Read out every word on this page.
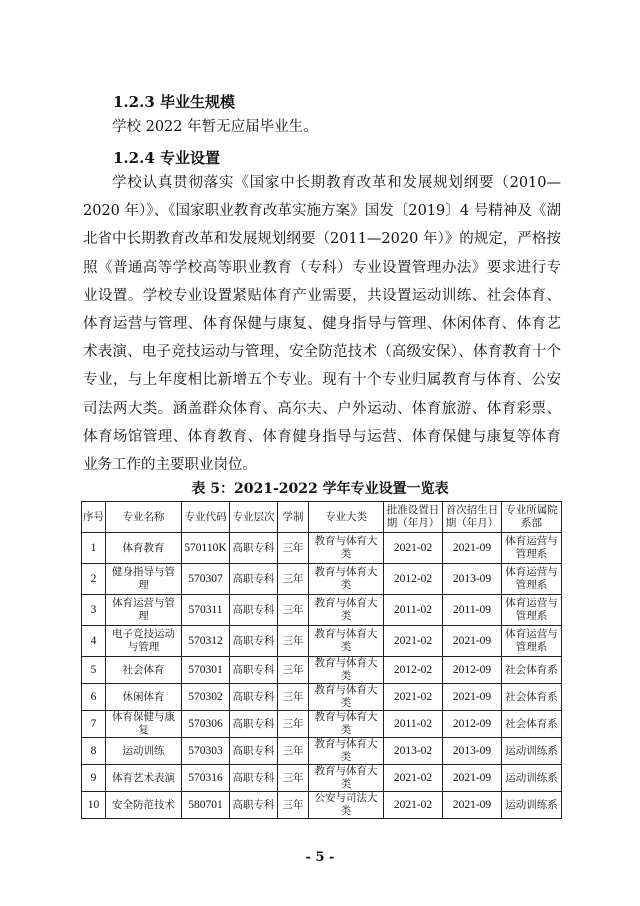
1.2.3 毕业生规模

学校 2022 年暂无应届毕业生。

1.2.4 专业设置

学校认真贯彻落实《国家中长期教育改革和发展规划纲要（2010—2020 年）》、《国家职业教育改革实施方案》国发〔2019〕4 号精神及《湖北省中长期教育改革和发展规划纲要（2011—2020 年）》的规定，严格按照《普通高等学校高等职业教育（专科）专业设置管理办法》要求进行专业设置。学校专业设置紧贴体育产业需要，共设置运动训练、社会体育、体育运营与管理、体育保健与康复、健身指导与管理、休闲体育、体育艺术表演、电子竞技运动与管理、安全防范技术（高级安保）、体育教育十个专业，与上年度相比新增五个专业。现有十个专业归属教育与体育、公安司法两大类。涵盖群众体育、高尔夫、户外运动、体育旅游、体育彩票、体育场馆管理、体育教育、体育健身指导与运营、体育保健与康复等体育业务工作的主要职业岗位。

表 5：2021-2022 学年专业设置一览表
序号	专业名称	专业代码	专业层次	学制	专业大类	批准设置日期（年月）	首次招生日期（年月）	专业所属院系部
1	体育教育	570110K	高职专科	三年	教育与体育大类	2021-02	2021-09	体育运营与管理系
2	健身指导与管理	570307	高职专科	三年	教育与体育大类	2012-02	2013-09	体育运营与管理系
3	体育运营与管理	570311	高职专科	三年	教育与体育大类	2011-02	2011-09	体育运营与管理系
4	电子竞技运动与管理	570312	高职专科	三年	教育与体育大类	2021-02	2021-09	体育运营与管理系
5	社会体育	570301	高职专科	三年	教育与体育大类	2012-02	2012-09	社会体育系
6	休闲体育	570302	高职专科	三年	教育与体育大类	2021-02	2021-09	社会体育系
7	体育保健与康复	570306	高职专科	三年	教育与体育大类	2011-02	2012-09	社会体育系
8	运动训练	570303	高职专科	三年	教育与体育大类	2013-02	2013-09	运动训练系
9	体育艺术表演	570316	高职专科	三年	教育与体育大类	2021-02	2021-09	运动训练系
10	安全防范技术	580701	高职专科	三年	公安与司法大类	2021-02	2021-09	运动训练系
- 5 -
